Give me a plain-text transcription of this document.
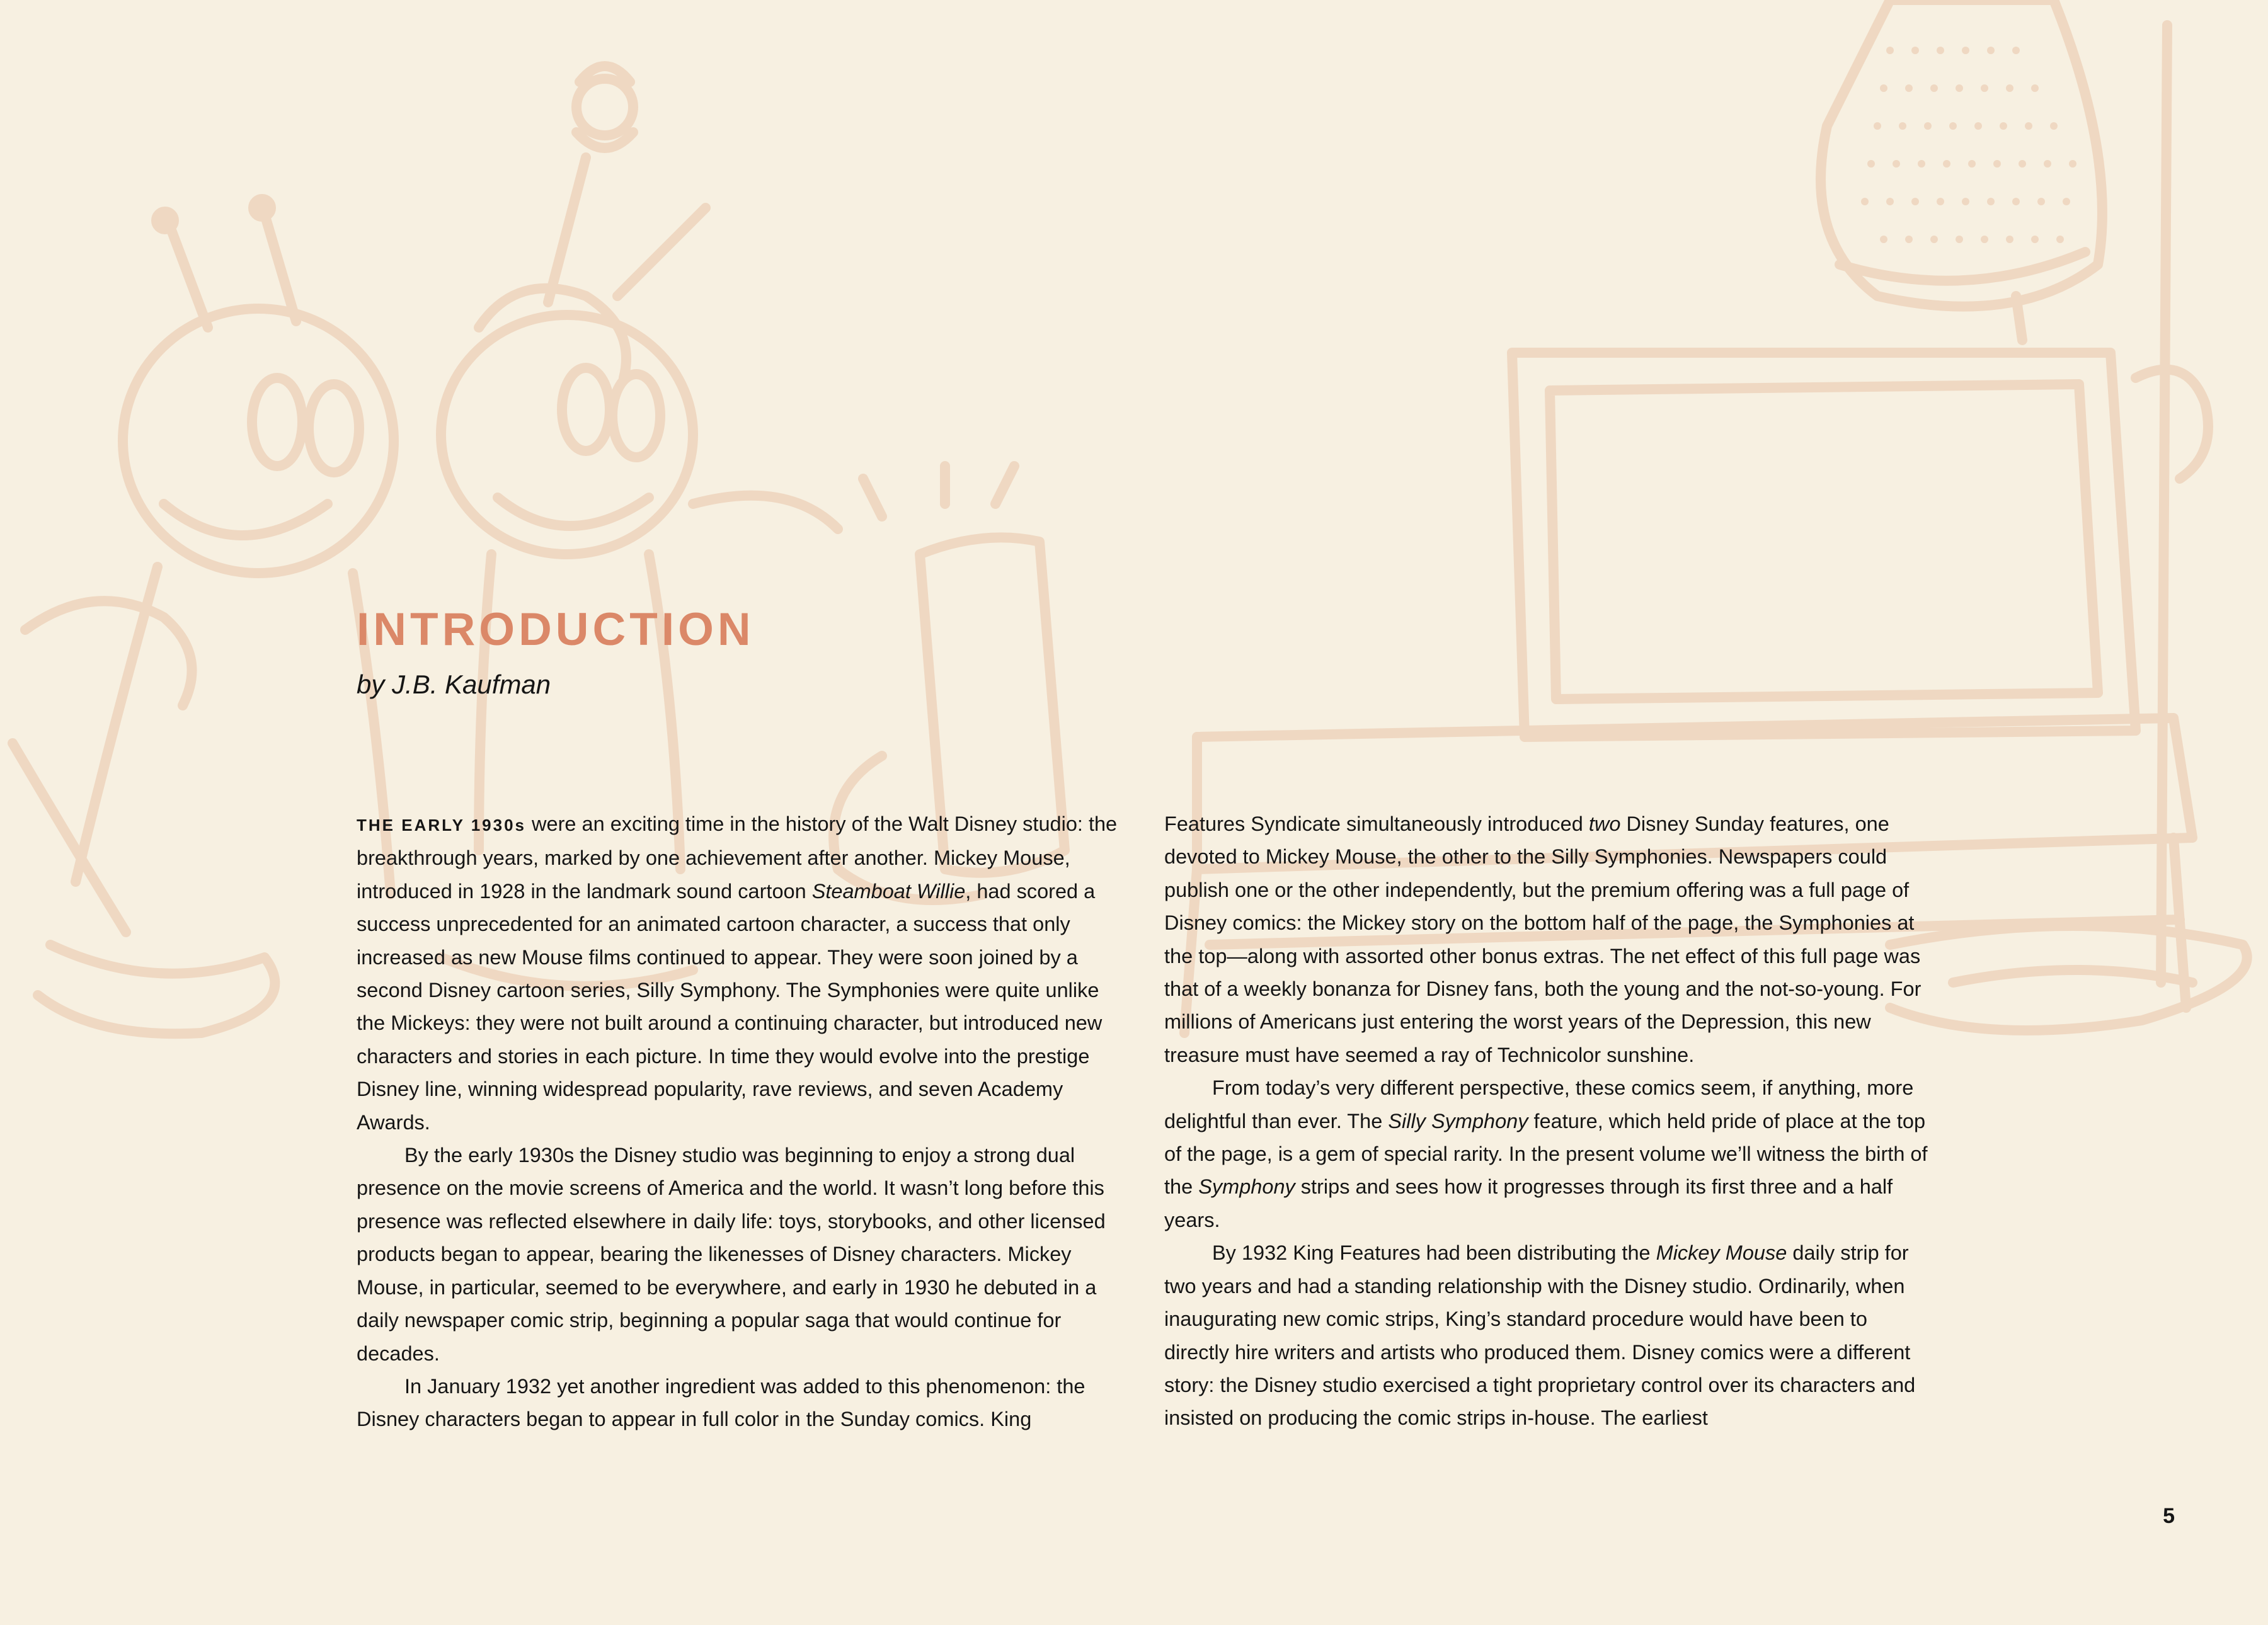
INTRODUCTION

by J.B. Kaufman

THE EARLY 1930s were an exciting time in the history of the Walt Disney studio: the breakthrough years, marked by one achievement after another. Mickey Mouse, introduced in 1928 in the landmark sound cartoon Steamboat Willie, had scored a success unprecedented for an animated cartoon character, a success that only increased as new Mouse films continued to appear. They were soon joined by a second Disney cartoon series, Silly Symphony. The Symphonies were quite unlike the Mickeys: they were not built around a continuing character, but introduced new characters and stories in each picture. In time they would evolve into the prestige Disney line, winning widespread popularity, rave reviews, and seven Academy Awards.

By the early 1930s the Disney studio was beginning to enjoy a strong dual presence on the movie screens of America and the world. It wasn’t long before this presence was reflected elsewhere in daily life: toys, storybooks, and other licensed products began to appear, bearing the likenesses of Disney characters. Mickey Mouse, in particular, seemed to be everywhere, and early in 1930 he debuted in a daily newspaper comic strip, beginning a popular saga that would continue for decades.

In January 1932 yet another ingredient was added to this phenomenon: the Disney characters began to appear in full color in the Sunday comics. King

Features Syndicate simultaneously introduced two Disney Sunday features, one devoted to Mickey Mouse, the other to the Silly Symphonies. Newspapers could publish one or the other independently, but the premium offering was a full page of Disney comics: the Mickey story on the bottom half of the page, the Symphonies at the top—along with assorted other bonus extras. The net effect of this full page was that of a weekly bonanza for Disney fans, both the young and the not-so-young. For millions of Americans just entering the worst years of the Depression, this new treasure must have seemed a ray of Technicolor sunshine.

From today’s very different perspective, these comics seem, if anything, more delightful than ever. The Silly Symphony feature, which held pride of place at the top of the page, is a gem of special rarity. In the present volume we’ll witness the birth of the Symphony strips and sees how it progresses through its first three and a half years.

By 1932 King Features had been distributing the Mickey Mouse daily strip for two years and had a standing relationship with the Disney studio. Ordinarily, when inaugurating new comic strips, King’s standard procedure would have been to directly hire writers and artists who produced them. Disney comics were a different story: the Disney studio exercised a tight proprietary control over its characters and insisted on producing the comic strips in-house. The earliest

5
